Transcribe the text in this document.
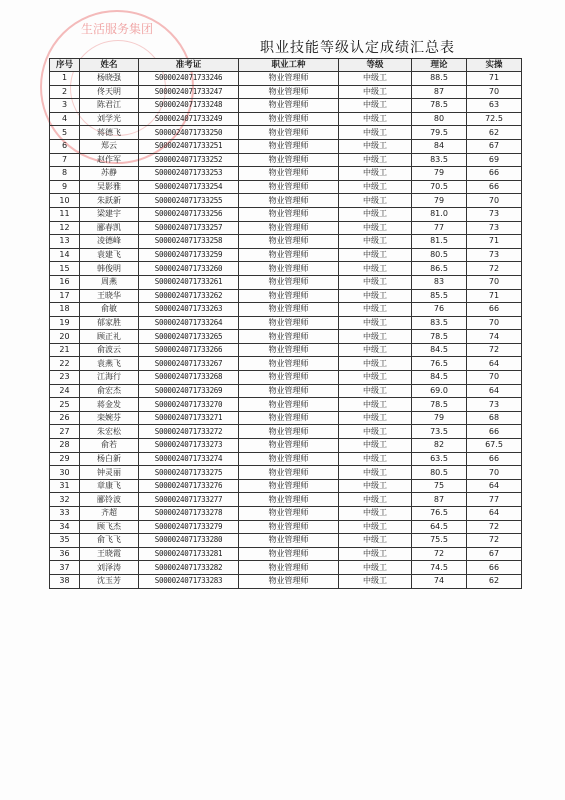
生活服务集团
职业技能等级认定成绩汇总表
序号	姓名	准考证	职业工种	等级	理论	实操
1	杨晓强	S000024071733246	物业管理师	中级工	88.5	71
2	佟天明	S000024071733247	物业管理师	中级工	87	70
3	陈君江	S000024071733248	物业管理师	中级工	78.5	63
4	刘学光	S000024071733249	物业管理师	中级工	80	72.5
5	蒋德飞	S000024071733250	物业管理师	中级工	79.5	62
6	郑云	S000024071733251	物业管理师	中级工	84	67
7	赵作军	S000024071733252	物业管理师	中级工	83.5	69
8	苏静	S000024071733253	物业管理师	中级工	79	66
9	吴影雅	S000024071733254	物业管理师	中级工	70.5	66
10	朱跃新	S000024071733255	物业管理师	中级工	79	70
11	梁建宇	S000024071733256	物业管理师	中级工	81.0	73
12	郦春凯	S000024071733257	物业管理师	中级工	77	73
13	凌德峰	S000024071733258	物业管理师	中级工	81.5	71
14	袁建飞	S000024071733259	物业管理师	中级工	80.5	73
15	韩俊明	S000024071733260	物业管理师	中级工	86.5	72
16	周燕	S000024071733261	物业管理师	中级工	83	70
17	王晓华	S000024071733262	物业管理师	中级工	85.5	71
18	俞敏	S000024071733263	物业管理师	中级工	76	66
19	郁家胜	S000024071733264	物业管理师	中级工	83.5	70
20	顾正礼	S000024071733265	物业管理师	中级工	78.5	74
21	俞波云	S000024071733266	物业管理师	中级工	84.5	72
22	袁燕飞	S000024071733267	物业管理师	中级工	76.5	64
23	江海行	S000024071733268	物业管理师	中级工	84.5	70
24	俞宏杰	S000024071733269	物业管理师	中级工	69.0	64
25	蒋金发	S000024071733270	物业管理师	中级工	78.5	73
26	栾婉芬	S000024071733271	物业管理师	中级工	79	68
27	朱宏松	S000024071733272	物业管理师	中级工	73.5	66
28	俞若	S000024071733273	物业管理师	中级工	82	67.5
29	杨白新	S000024071733274	物业管理师	中级工	63.5	66
30	钟灵丽	S000024071733275	物业管理师	中级工	80.5	70
31	章康飞	S000024071733276	物业管理师	中级工	75	64
32	郦铃波	S000024071733277	物业管理师	中级工	87	77
33	齐超	S000024071733278	物业管理师	中级工	76.5	64
34	顾飞杰	S000024071733279	物业管理师	中级工	64.5	72
35	俞飞飞	S000024071733280	物业管理师	中级工	75.5	72
36	王晓霞	S000024071733281	物业管理师	中级工	72	67
37	刘泽涛	S000024071733282	物业管理师	中级工	74.5	66
38	沈玉芳	S000024071733283	物业管理师	中级工	74	62
